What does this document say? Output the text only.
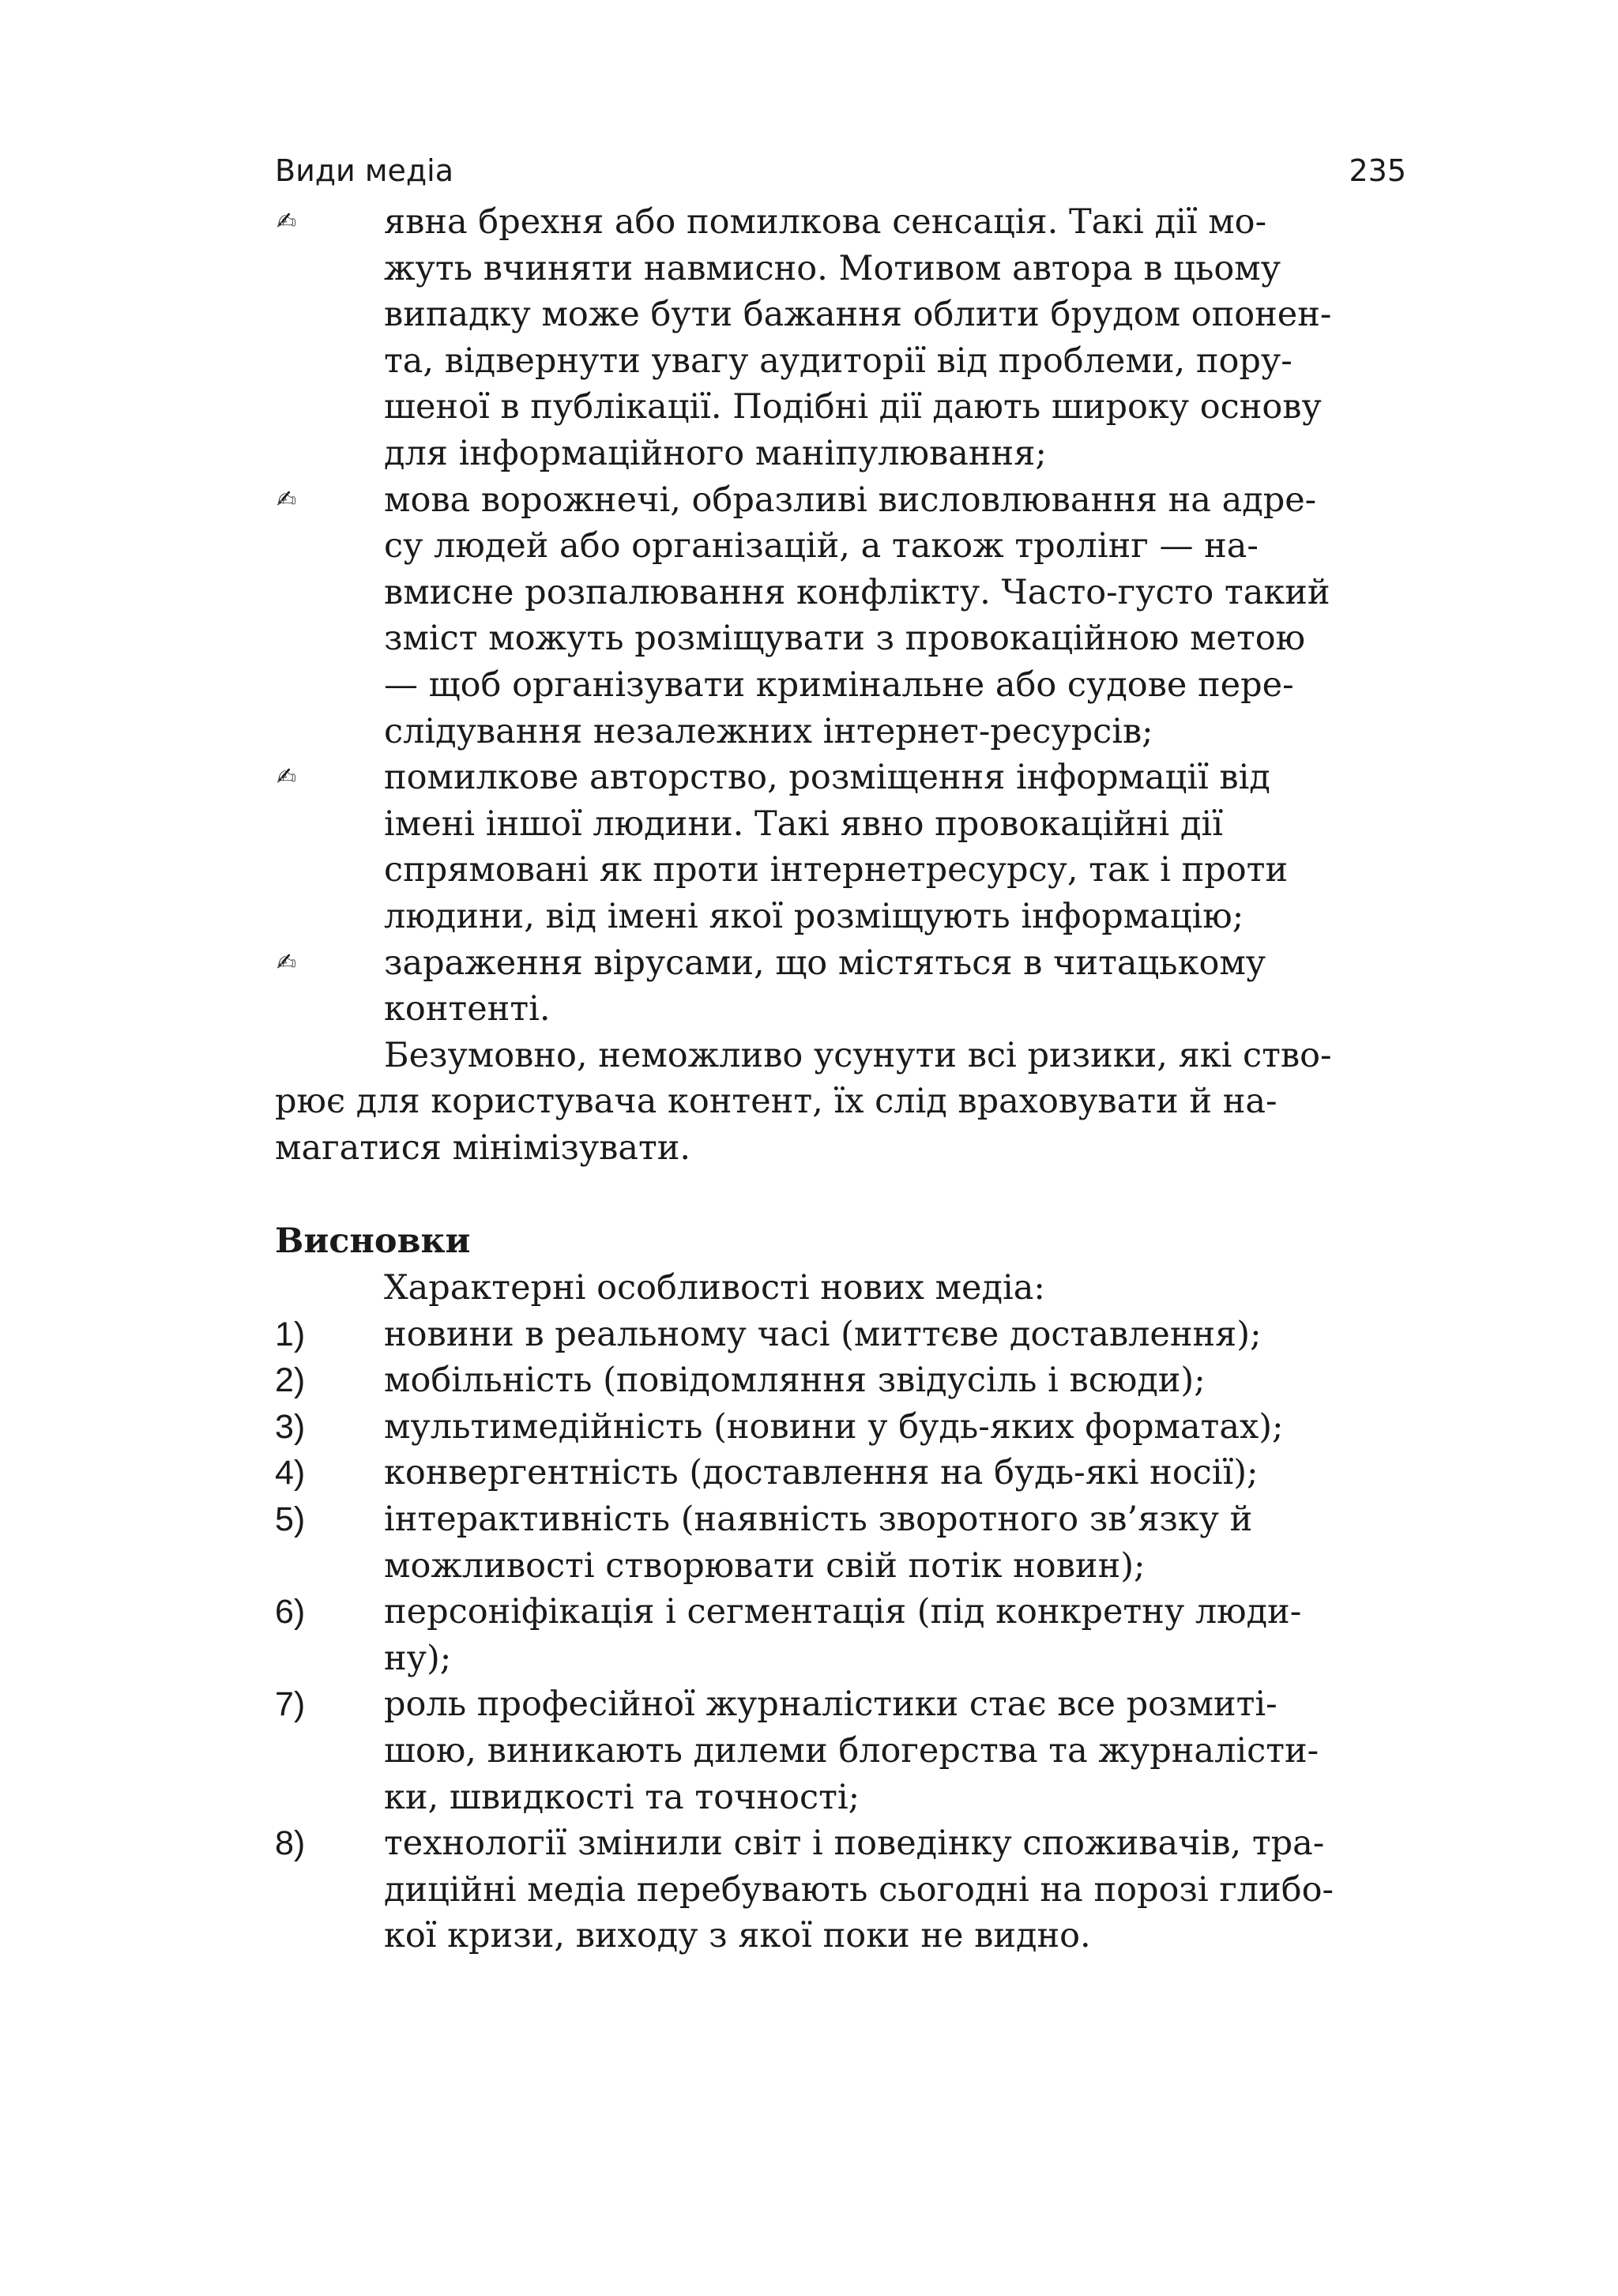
Види медіа	235
✍	явна брехня або помилкова сенсація. Такі дії мо-
жуть вчиняти навмисно. Мотивом автора в цьому
випадку може бути бажання облити брудом опонен-
та, відвернути увагу аудиторії від проблеми, пору-
шеної в публікації. Подібні дії дають широку основу
для інформаційного маніпулювання;
✍	мова ворожнечі, образливі висловлювання на адре-
су людей або організацій, а також тролінг — на-
вмисне розпалювання конфлікту. Часто-густо такий
зміст можуть розміщувати з провокаційною метою
— щоб організувати кримінальне або судове пере-
слідування незалежних інтернет-ресурсів;
✍	помилкове авторство, розміщення інформації від
імені іншої людини. Такі явно провокаційні дії
спрямовані як проти інтернетресурсу, так і проти
людини, від імені якої розміщують інформацію;
✍	зараження вірусами, що містяться в читацькому
контенті.
Безумовно, неможливо усунути всі ризики, які ство-
рює для користувача контент, їх слід враховувати й на-
магатися мінімізувати.
Висновки
Характерні особливості нових медіа:
1)	новини в реальному часі (миттєве доставлення);
2)	мобільність (повідомляння звідусіль і всюди);
3)	мультимедійність (новини у будь-яких форматах);
4)	конвергентність (доставлення на будь-які носії);
5)	інтерактивність (наявність зворотного зв’язку й
можливості створювати свій потік новин);
6)	персоніфікація і сегментація (під конкретну люди-
ну);
7)	роль професійної журналістики стає все розмиті-
шою, виникають дилеми блогерства та журналісти-
ки, швидкості та точності;
8)	технології змінили світ і поведінку споживачів, тра-
диційні медіа перебувають сьогодні на порозі глибо-
кої кризи, виходу з якої поки не видно.
